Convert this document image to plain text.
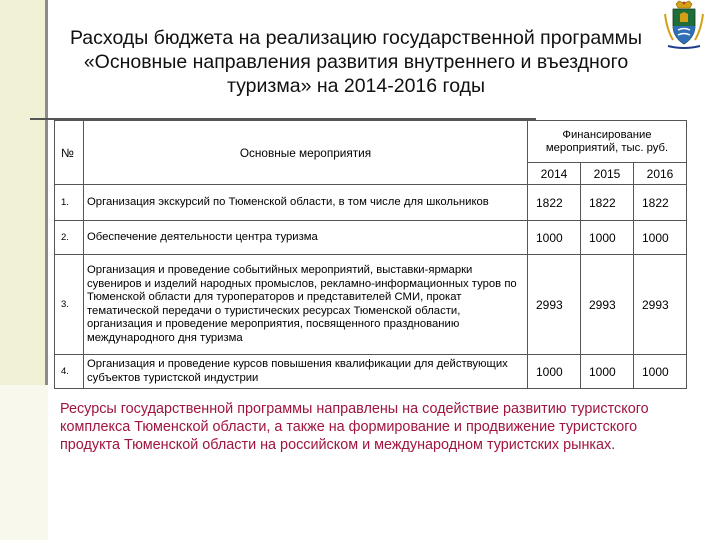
Расходы бюджета на реализацию государственной программы
«Основные направления развития внутреннего и въездного
туризма» на 2014-2016 годы
№	Основные мероприятия	Финансирование мероприятий, тыс. руб.		
		2014	2015	2016
1.	Организация экскурсий по Тюменской области, в том числе для школьников	1822	1822	1822
2.	Обеспечение деятельности центра туризма	1000	1000	1000
3.	Организация и проведение событийных мероприятий, выставки-ярмарки сувениров и изделий народных промыслов, рекламно-информационных туров по Тюменской области для туроператоров и представителей СМИ, прокат тематической передачи о туристических ресурсах Тюменской области, организация и проведение мероприятия, посвященного празднованию международного дня туризма	2993	2993	2993
4.	Организация и проведение курсов повышения квалификации для действующих субъектов туристской индустрии	1000	1000	1000
Ресурсы государственной программы направлены на содействие развитию туристского комплекса Тюменской области, а также на формирование и продвижение туристского продукта Тюменской области на российском и международном туристских рынках.
